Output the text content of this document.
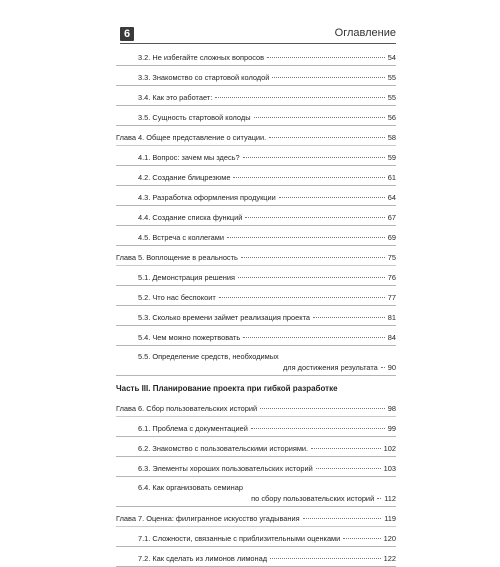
6	Оглавление
3.2. Не избегайте сложных вопросов	54
3.3. Знакомство со стартовой колодой	55
3.4. Как это работает:	55
3.5. Сущность стартовой колоды	56
Глава 4. Общее представление о ситуации.	58
4.1. Вопрос: зачем мы здесь?	59
4.2. Создание блицрезюме	61
4.3. Разработка оформления продукции	64
4.4. Создание списка функций	67
4.5. Встреча с коллегами	69
Глава 5. Воплощение в реальность	75
5.1. Демонстрация решения	76
5.2. Что нас беспокоит	77
5.3. Сколько времени займет реализация проекта	81
5.4. Чем можно пожертвовать	84
5.5. Определение средств, необходимых
для достижения результата 90
Часть III. Планирование проекта при гибкой разработке
Глава 6. Сбор пользовательских историй	98
6.1. Проблема с документацией	99
6.2. Знакомство с пользовательскими историями.	102
6.3. Элементы хороших пользовательских историй	103
6.4. Как организовать семинар
по сбору пользовательских историй 112
Глава 7. Оценка: филигранное искусство угадывания	119
7.1. Сложности, связанные с приблизительными оценками	120
7.2. Как сделать из лимонов лимонад	122
